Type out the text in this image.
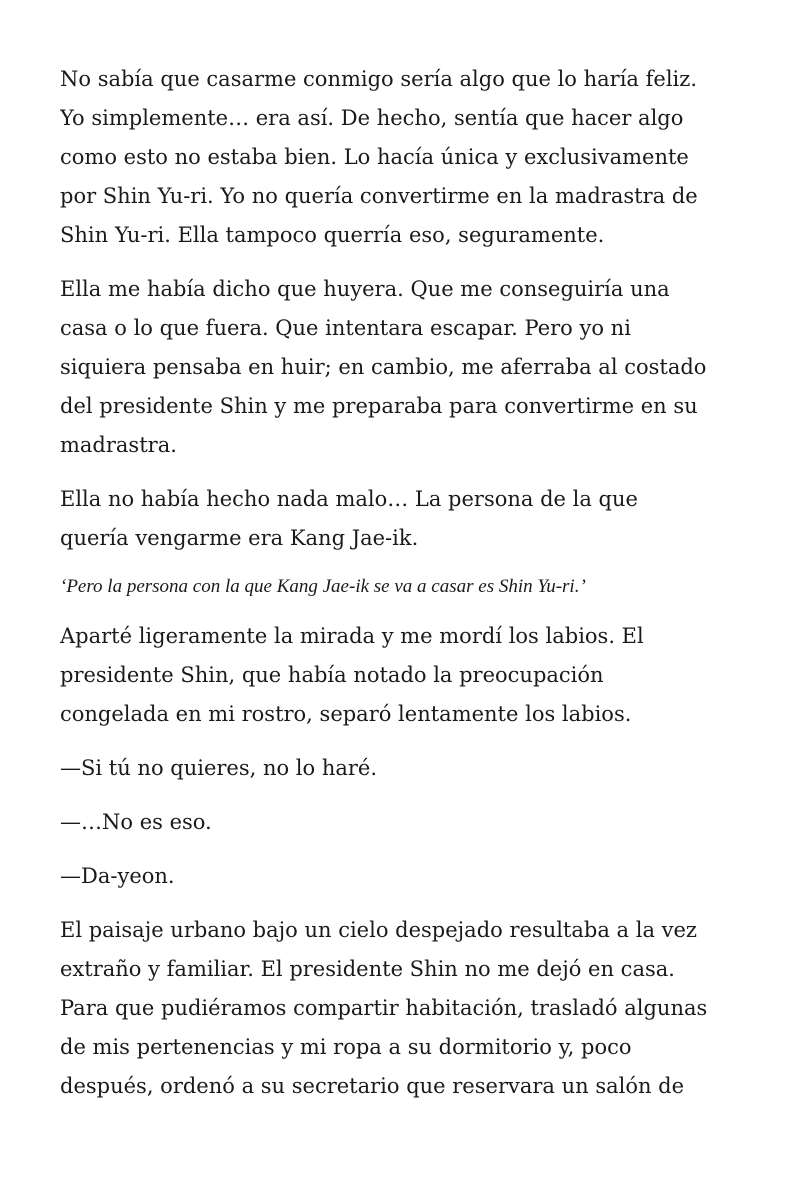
No sabía que casarme conmigo sería algo que lo haría feliz.
Yo simplemente… era así. De hecho, sentía que hacer algo
como esto no estaba bien. Lo hacía única y exclusivamente
por Shin Yu-ri. Yo no quería convertirme en la madrastra de
Shin Yu-ri. Ella tampoco querría eso, seguramente.

Ella me había dicho que huyera. Que me conseguiría una
casa o lo que fuera. Que intentara escapar. Pero yo ni
siquiera pensaba en huir; en cambio, me aferraba al costado
del presidente Shin y me preparaba para convertirme en su
madrastra.

Ella no había hecho nada malo… La persona de la que
quería vengarme era Kang Jae-ik.

‘Pero la persona con la que Kang Jae-ik se va a casar es Shin Yu-ri.’

Aparté ligeramente la mirada y me mordí los labios. El
presidente Shin, que había notado la preocupación
congelada en mi rostro, separó lentamente los labios.

—Si tú no quieres, no lo haré.

—…No es eso.

—Da-yeon.

El paisaje urbano bajo un cielo despejado resultaba a la vez
extraño y familiar. El presidente Shin no me dejó en casa.
Para que pudiéramos compartir habitación, trasladó algunas
de mis pertenencias y mi ropa a su dormitorio y, poco
después, ordenó a su secretario que reservara un salón de
